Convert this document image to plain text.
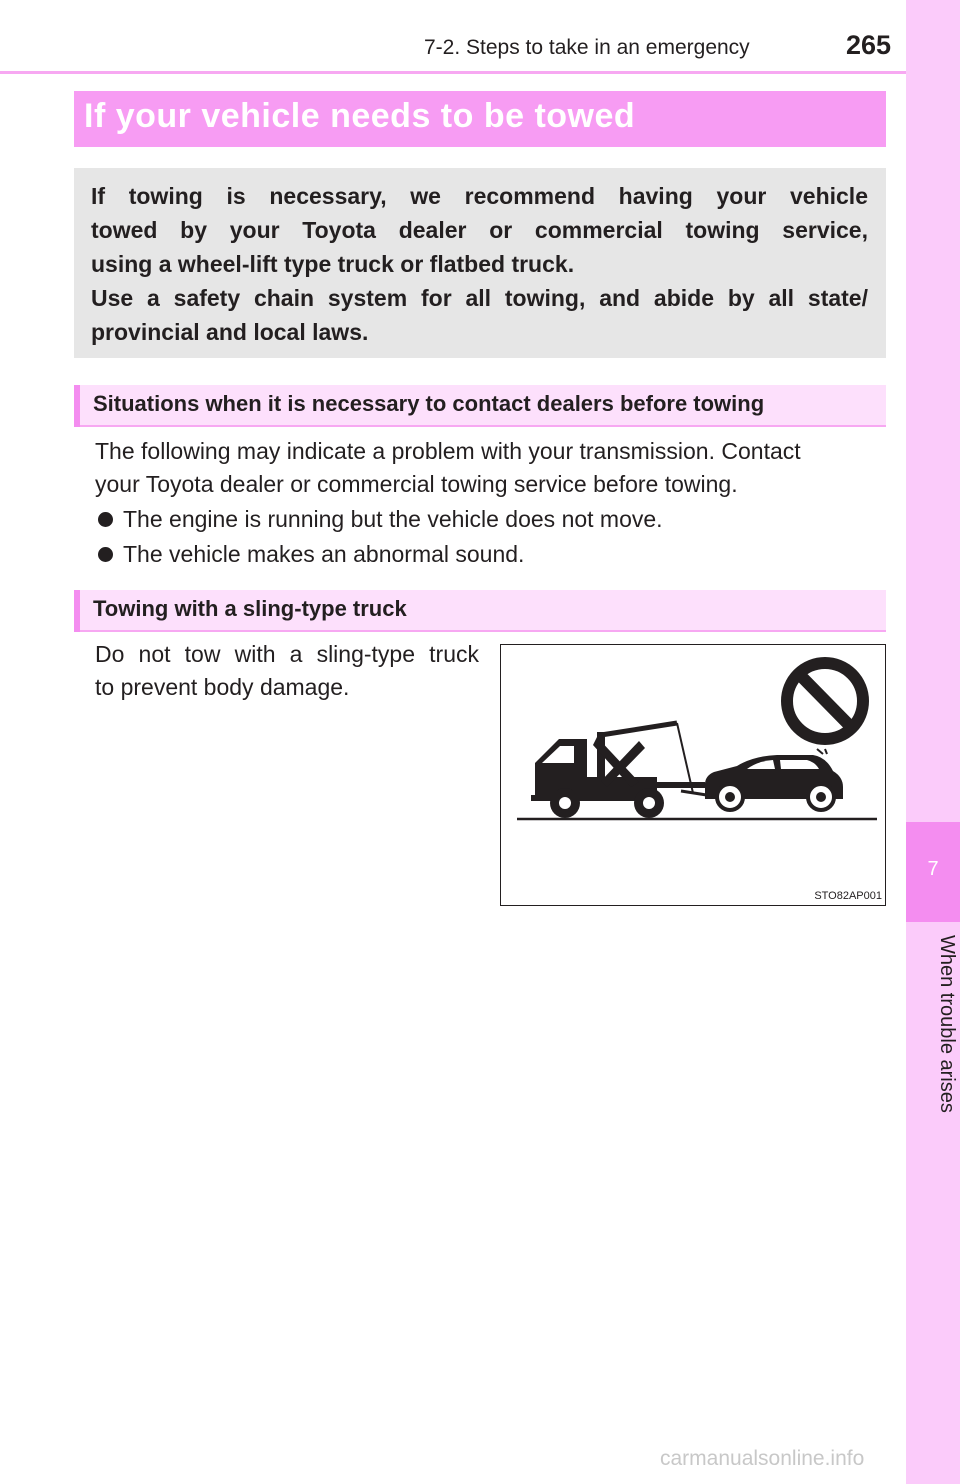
7-2. Steps to take in an emergency	265
7
When trouble arises
If your vehicle needs to be towed
If towing is necessary, we recommend having your vehicle
towed by your Toyota dealer or commercial towing service,
using a wheel-lift type truck or flatbed truck.
Use a safety chain system for all towing, and abide by all state/
provincial and local laws.
Situations when it is necessary to contact dealers before towing
The following may indicate a problem with your transmission. Contact
your Toyota dealer or commercial towing service before towing.
The engine is running but the vehicle does not move.
The vehicle makes an abnormal sound.
Towing with a sling-type truck
Do not tow with a sling-type truck
to prevent body damage.
STO82AP001
carmanualsonline.info
